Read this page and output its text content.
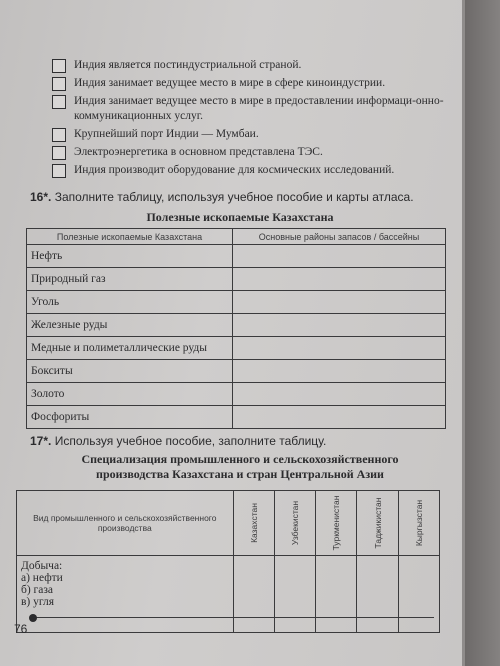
Индия является постиндустриальной страной.
Индия занимает ведущее место в мире в сфере киноиндустрии.
Индия занимает ведущее место в мире в предоставлении информаци-онно-коммуникационных услуг.
Крупнейший порт Индии — Мумбаи.
Электроэнергетика в основном представлена ТЭС.
Индия производит оборудование для космических исследований.
16*. Заполните таблицу, используя учебное пособие и карты атласа.
Полезные ископаемые Казахстана
Полезные ископаемые Казахстана	Основные районы запасов / бассейны
Нефть	
Природный газ	
Уголь	
Железные руды	
Медные и полиметаллические руды	
Бокситы	
Золото	
Фосфориты	
17*. Используя учебное пособие, заполните таблицу.
Специализация промышленного и сельскохозяйственного
производства Казахстана и стран Центральной Азии
Вид промышленного и сельскохозяйственного производства	Казахстан	Узбекистан	Туркменистан	Таджикистан	Кыргызстан

Добыча:
а) нефти
б) газа
в) угля					

76
